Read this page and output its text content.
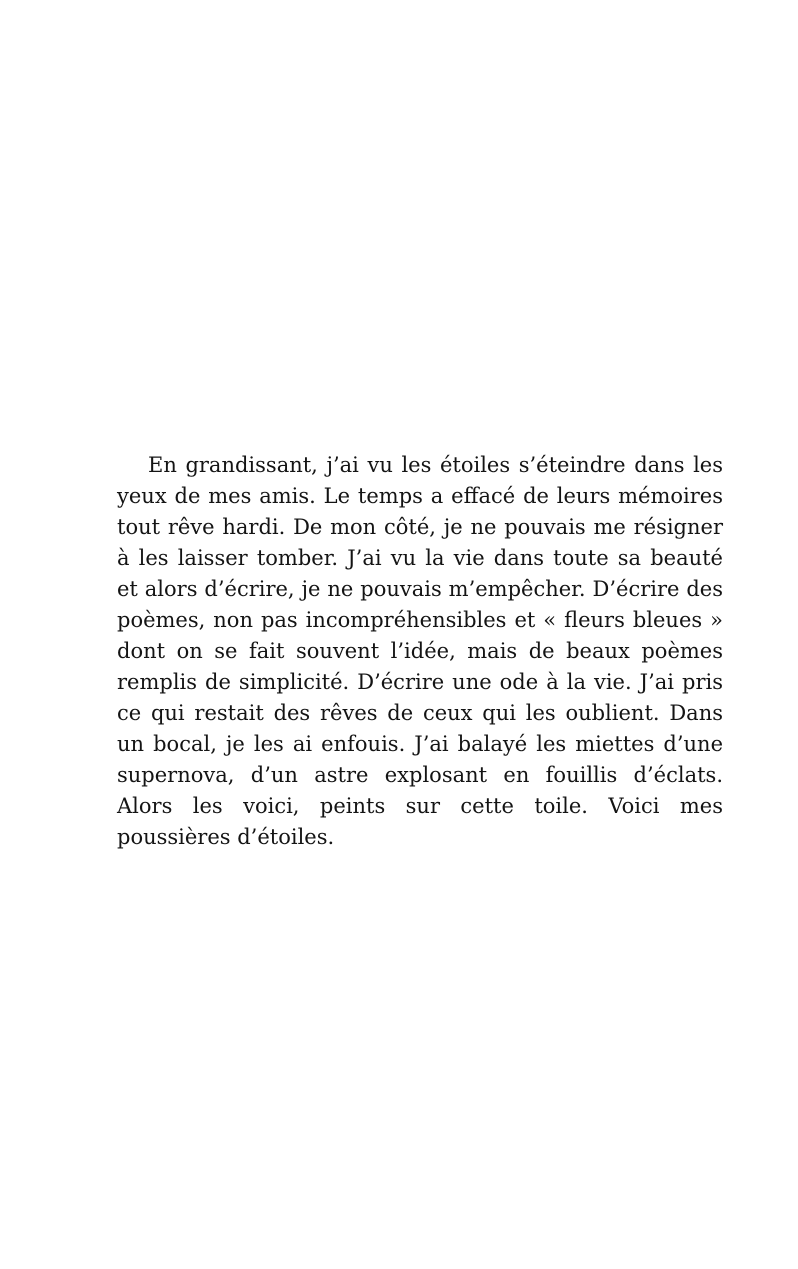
En grandissant, j’ai vu les étoiles s’éteindre dans les yeux de mes amis. Le temps a effacé de leurs mémoires tout rêve hardi. De mon côté, je ne pouvais me résigner à les laisser tomber. J’ai vu la vie dans toute sa beauté et alors d’écrire, je ne pouvais m’empêcher. D’écrire des poèmes, non pas incompréhensibles et « fleurs bleues » dont on se fait souvent l’idée, mais de beaux poèmes remplis de simplicité. D’écrire une ode à la vie. J’ai pris ce qui restait des rêves de ceux qui les oublient. Dans un bocal, je les ai enfouis. J’ai balayé les miettes d’une supernova, d’un astre explosant en fouillis d’éclats. Alors les voici, peints sur cette toile. Voici mes poussières d’étoiles.
